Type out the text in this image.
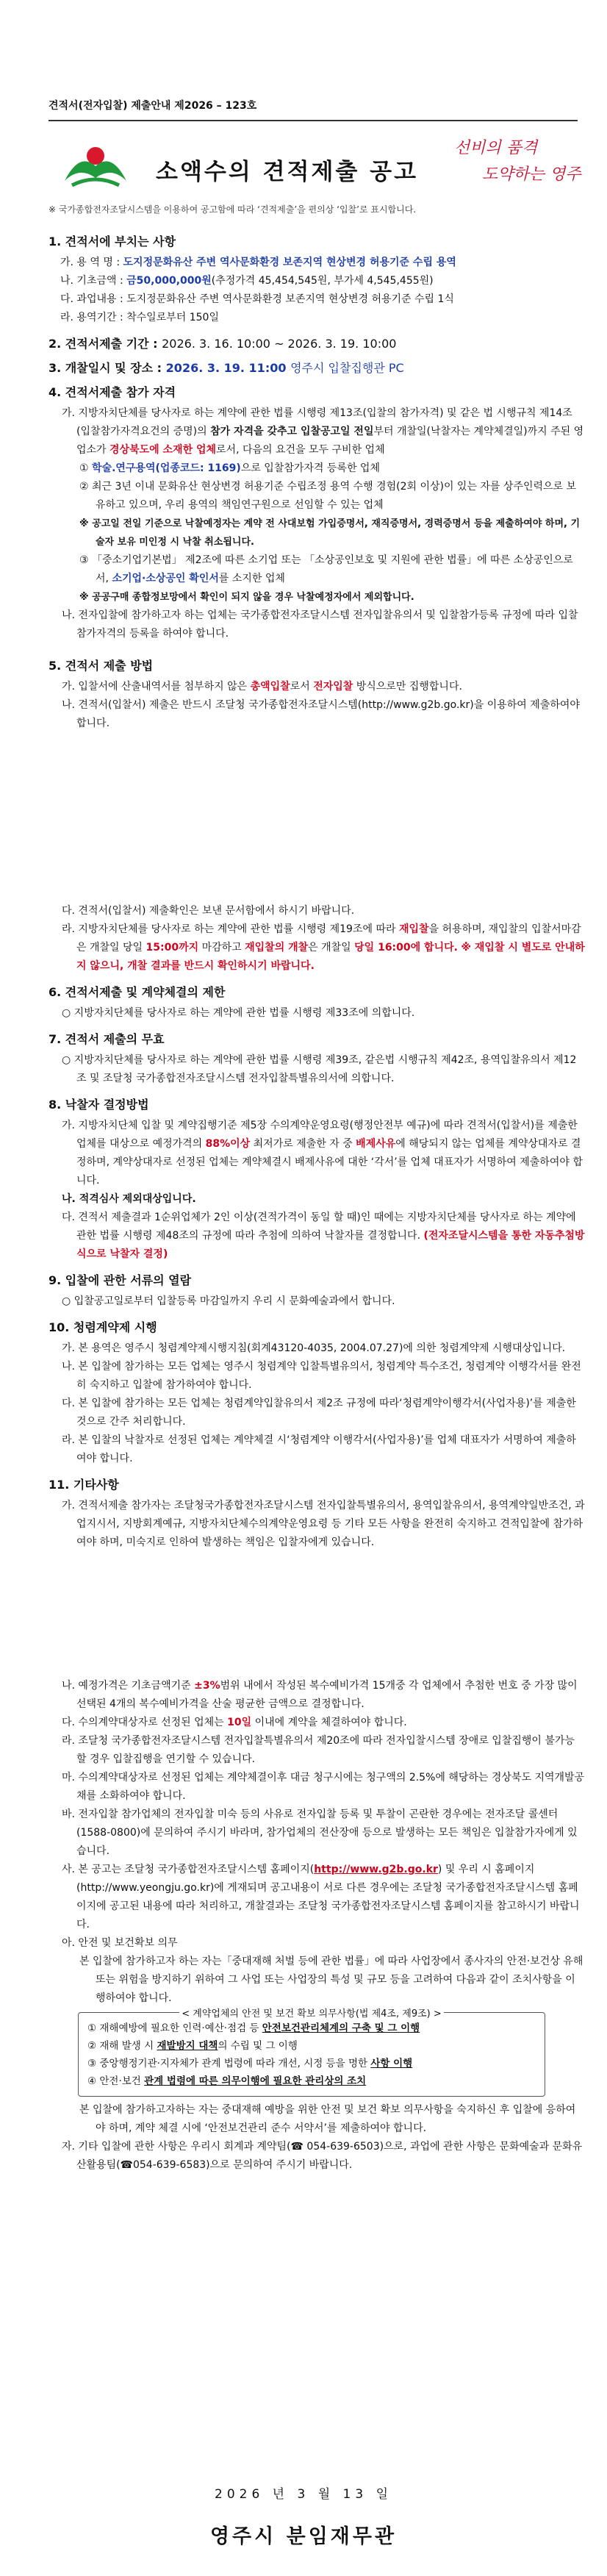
견적서(전자입찰) 제출안내 제2026 – 123호
소액수의 견적제출 공고
선비의 품격
도약하는 영주
※ 국가종합전자조달시스템을 이용하여 공고함에 따라 ‘견적제출’을 편의상 ‘입찰’로 표시합니다.
1. 견적서에 부치는 사항
가. 용 역 명 : 도지정문화유산 주변 역사문화환경 보존지역 현상변경 허용기준 수립 용역
나. 기초금액 : 금50,000,000원(추정가격 45,454,545원, 부가세 4,545,455원)
다. 과업내용 : 도지정문화유산 주변 역사문화환경 보존지역 현상변경 허용기준 수립 1식
라. 용역기간 : 착수일로부터 150일
2. 견적서제출 기간 : 2026. 3. 16. 10:00 ~ 2026. 3. 19. 10:00
3. 개찰일시 및 장소 : 2026. 3. 19. 11:00 영주시 입찰집행관 PC
4. 견적서제출 참가 자격
가. 지방자치단체를 당사자로 하는 계약에 관한 법률 시행령 제13조(입찰의 참가자격) 및 같은 법 시행규칙 제14조(입찰참가자격요건의 증명)의 참가 자격을 갖추고 입찰공고일 전일부터 개찰일(낙찰자는 계약체결일)까지 주된 영업소가 경상북도에 소재한 업체로서, 다음의 요건을 모두 구비한 업체
① 학술.연구용역(업종코드: 1169)으로 입찰참가자격 등록한 업체
② 최근 3년 이내 문화유산 현상변경 허용기준 수립조정 용역 수행 경험(2회 이상)이 있는 자를 상주인력으로 보유하고 있으며, 우리 용역의 책임연구원으로 선임할 수 있는 업체
※ 공고일 전일 기준으로 낙찰예정자는 계약 전 사대보험 가입증명서, 재직증명서, 경력증명서 등을 제출하여야 하며, 기술자 보유 미인정 시 낙찰 취소됩니다.
③ 「중소기업기본법」 제2조에 따른 소기업 또는 「소상공인보호 및 지원에 관한 법률」에 따른 소상공인으로서, 소기업·소상공인 확인서를 소지한 업체
※ 공공구매 종합정보망에서 확인이 되지 않을 경우 낙찰예정자에서 제외합니다.
나. 전자입찰에 참가하고자 하는 업체는 국가종합전자조달시스템 전자입찰유의서 및 입찰참가등록 규정에 따라 입찰참가자격의 등록을 하여야 합니다.
5. 견적서 제출 방법
가. 입찰서에 산출내역서를 첨부하지 않은 총액입찰로서 전자입찰 방식으로만 집행합니다.
나. 견적서(입찰서) 제출은 반드시 조달청 국가종합전자조달시스템(http://www.g2b.go.kr)을 이용하여 제출하여야 합니다.
다. 견적서(입찰서) 제출확인은 보낸 문서함에서 하시기 바랍니다.
라. 지방자치단체를 당사자로 하는 계약에 관한 법률 시행령 제19조에 따라 재입찰을 허용하며, 재입찰의 입찰서마감은 개찰일 당일 15:00까지 마감하고 재입찰의 개찰은 개찰일 당일 16:00에 합니다. ※ 재입찰 시 별도로 안내하지 않으니, 개찰 결과를 반드시 확인하시기 바랍니다.
6. 견적서제출 및 계약체결의 제한
○ 지방자치단체를 당사자로 하는 계약에 관한 법률 시행령 제33조에 의합니다.
7. 견적서 제출의 무효
○ 지방자치단체를 당사자로 하는 계약에 관한 법률 시행령 제39조, 같은법 시행규칙 제42조, 용역입찰유의서 제12조 및 조달청 국가종합전자조달시스템 전자입찰특별유의서에 의합니다.
8. 낙찰자 결정방법
가. 지방자치단체 입찰 및 계약집행기준 제5장 수의계약운영요령(행정안전부 예규)에 따라 견적서(입찰서)를 제출한 업체를 대상으로 예정가격의 88%이상 최저가로 제출한 자 중 배제사유에 해당되지 않는 업체를 계약상대자로 결정하며, 계약상대자로 선정된 업체는 계약체결시 배제사유에 대한 ‘각서’를 업체 대표자가 서명하여 제출하여야 합니다.
나. 적격심사 제외대상입니다.
다. 견적서 제출결과 1순위업체가 2인 이상(견적가격이 동일 할 때)인 때에는 지방자치단체를 당사자로 하는 계약에 관한 법률 시행령 제48조의 규정에 따라 추첨에 의하여 낙찰자를 결정합니다. (전자조달시스템을 통한 자동추첨방식으로 낙찰자 결정)
9. 입찰에 관한 서류의 열람
○ 입찰공고일로부터 입찰등록 마감일까지 우리 시 문화예술과에서 합니다.
10. 청렴계약제 시행
가. 본 용역은 영주시 청렴계약제시행지침(회계43120-4035, 2004.07.27)에 의한 청렴계약제 시행대상입니다.
나. 본 입찰에 참가하는 모든 업체는 영주시 청렴계약 입찰특별유의서, 청렴계약 특수조건, 청렴계약 이행각서를 완전히 숙지하고 입찰에 참가하여야 합니다.
다. 본 입찰에 참가하는 모든 업체는 청렴계약입찰유의서 제2조 규정에 따라‘청렴계약이행각서(사업자용)’를 제출한 것으로 간주 처리합니다.
라. 본 입찰의 낙찰자로 선정된 업체는 계약체결 시‘청렴계약 이행각서(사업자용)’를 업체 대표자가 서명하여 제출하여야 합니다.
11. 기타사항
가. 견적서제출 참가자는 조달청국가종합전자조달시스템 전자입찰특별유의서, 용역입찰유의서, 용역계약일반조건, 과업지시서, 지방회계예규, 지방자치단체수의계약운영요령 등 기타 모든 사항을 완전히 숙지하고 견적입찰에 참가하여야 하며, 미숙지로 인하여 발생하는 책임은 입찰자에게 있습니다.
나. 예정가격은 기초금액기준 ±3%범위 내에서 작성된 복수예비가격 15개중 각 업체에서 추첨한 번호 중 가장 많이 선택된 4개의 복수예비가격을 산술 평균한 금액으로 결정합니다.
다. 수의계약대상자로 선정된 업체는 10일 이내에 계약을 체결하여야 합니다.
라. 조달청 국가종합전자조달시스템 전자입찰특별유의서 제20조에 따라 전자입찰시스템 장애로 입찰집행이 불가능 할 경우 입찰집행을 연기할 수 있습니다.
마. 수의계약대상자로 선정된 업체는 계약체결이후 대금 청구시에는 청구액의 2.5%에 해당하는 경상북도 지역개발공채를 소화하여야 합니다.
바. 전자입찰 참가업체의 전자입찰 미숙 등의 사유로 전자입찰 등록 및 투찰이 곤란한 경우에는 전자조달 콜센터(1588-0800)에 문의하여 주시기 바라며, 참가업체의 전산장애 등으로 발생하는 모든 책임은 입찰참가자에게 있습니다.
사. 본 공고는 조달청 국가종합전자조달시스템 홈페이지(http://www.g2b.go.kr) 및 우리 시 홈페이지(http://www.yeongju.go.kr)에 게재되며 공고내용이 서로 다른 경우에는 조달청 국가종합전자조달시스템 홈페이지에 공고된 내용에 따라 처리하고, 개찰결과는 조달청 국가종합전자조달시스템 홈페이지를 참고하시기 바랍니다.
아. 안전 및 보건확보 의무
본 입찰에 참가하고자 하는 자는「중대재해 처벌 등에 관한 법률」에 따라 사업장에서 종사자의 안전·보건상 유해 또는 위험을 방지하기 위하여 그 사업 또는 사업장의 특성 및 규모 등을 고려하여 다음과 같이 조치사항을 이행하여야 합니다.
< 계약업체의 안전 및 보건 확보 의무사항(법 제4조, 제9조) >
① 재해예방에 필요한 인력·예산·점검 등 안전보건관리체계의 구축 및 그 이행
② 재해 발생 시 재발방지 대책의 수립 및 그 이행
③ 중앙행정기관·지자체가 관계 법령에 따라 개선, 시정 등을 명한 사항 이행
④ 안전·보건 관계 법령에 따른 의무이행에 필요한 관리상의 조치
본 입찰에 참가하고자하는 자는 중대재해 예방을 위한 안전 및 보건 확보 의무사항을 숙지하신 후 입찰에 응하여야 하며, 계약 체결 시에 ‘안전보건관리 준수 서약서’를 제출하여야 합니다.
자. 기타 입찰에 관한 사항은 우리시 회계과 계약팀(☎ 054-639-6503)으로, 과업에 관한 사항은 문화예술과 문화유산활용팀(☎054-639-6583)으로 문의하여 주시기 바랍니다.
2026 년 3 월 13 일
영주시 분임재무관
